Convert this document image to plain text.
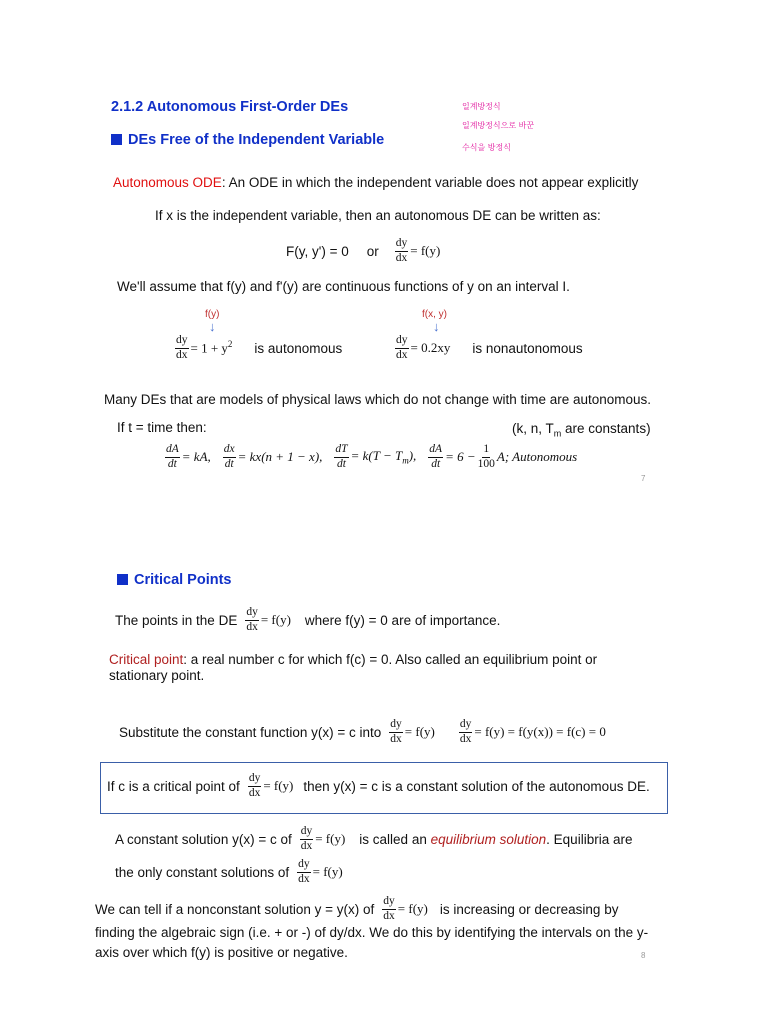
2.1.2 Autonomous First-Order DEs
DEs Free of the Independent Variable
일계방정식
일계방정식으로 바꾼
수식을 방정식
Autonomous ODE: An ODE in which the independent variable does not appear explicitly
If x is the independent variable, then an autonomous DE can be written as:
F(y, y') = 0 or $\frac{dy}{dx} = f(y)$
We'll assume that f(y) and f'(y) are continuous functions of y on an interval I.
f(y)
↓
f(x, y)
↓
$\frac{dy}{dx} = 1 + y^2$ is autonomous	$\frac{dy}{dx} = 0.2xy$ is nonautonomous
Many DEs that are models of physical laws which do not change with time are autonomous.
If t = time then:	(k, n, $T_m$ are constants)
$\frac{dA}{dt}$ = kA, $\frac{dx}{dt} = kx(n + 1 - x)$, $\frac{dT}{dt} = k(T - T_m)$, $\frac{dA}{dt} = 6 - \frac{1}{100} A$; Autonomous
7
Critical Points
The points in the DE $\frac{dy}{dx} = f(y)$ where f(y) = 0 are of importance.
Critical point: a real number c for which f(c) = 0. Also called an equilibrium point or
stationary point.
Substitute the constant function y(x) = c into $\frac{dy}{dx} = f(y) \frac{dy}{dx} = f(y) = f(y(x)) = f(c) = 0$
If c is a critical point of $\frac{dy}{dx} = f(y)$ then y(x) = c is a constant solution of the autonomous DE.
A constant solution y(x) = c of $\frac{dy}{dx} = f(y)$ is called an
equilibrium solution . Equilibria are
the only constant solutions of $\frac{dy}{dx} = f(y)$
We can tell if a nonconstant solution y = y(x) of $\frac{dy}{dx} = f(y)$ is increasing or decreasing by
finding the algebraic sign (i.e. + or -) of dy/dx. We do this by identifying the intervals on the y-
axis over which f(y) is positive or negative.	8
